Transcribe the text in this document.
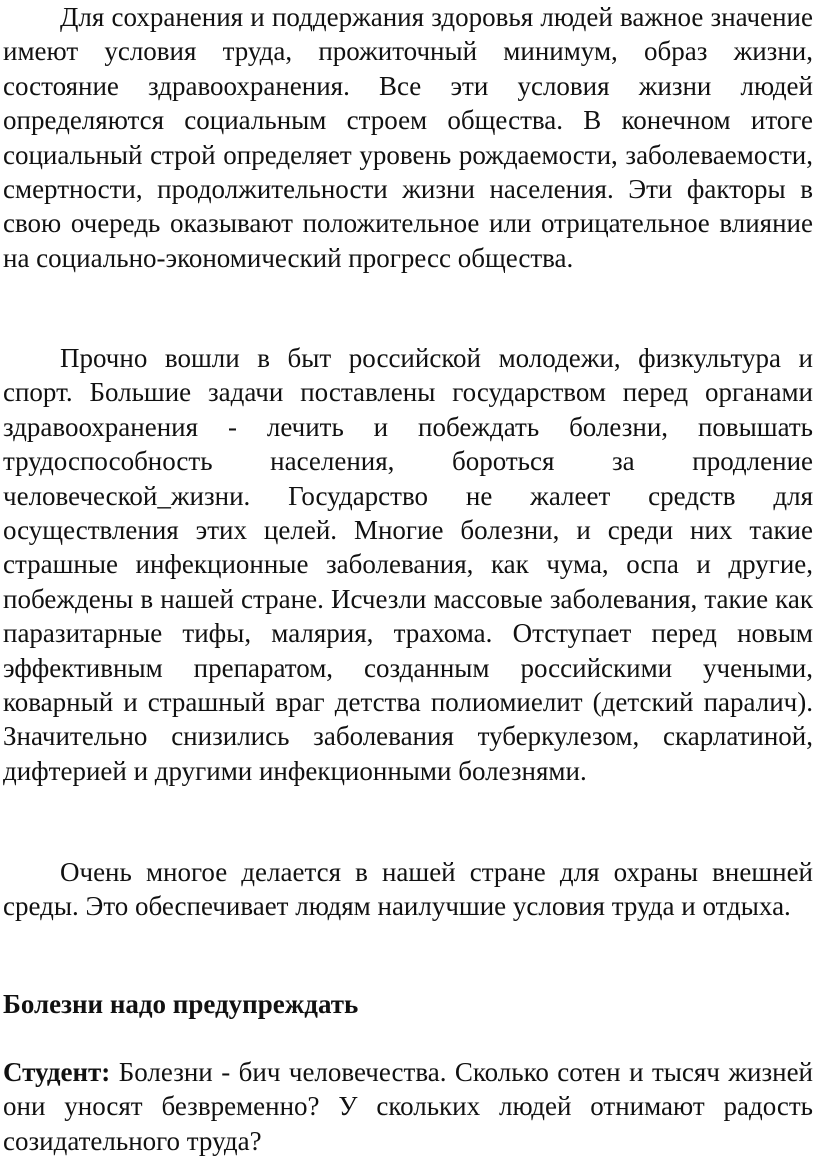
Для сохранения и поддержания здоровья людей важное значение имеют условия труда, прожиточный минимум, образ жизни, состояние здравоохранения. Все эти условия жизни людей определяются социальным строем общества. В конечном итоге социальный строй определяет уровень рождаемости, заболеваемости, смертности, продолжительности жизни населения. Эти факторы в свою очередь оказывают положительное или отрицательное влияние на социально-экономический прогресс общества.

Прочно вошли в быт российской молодежи, физкультура и спорт. Большие задачи поставлены государством перед органами здравоохранения - лечить и побеждать болезни, повышать трудоспособность населения, бороться за продление человеческой_жизни. Государство не жалеет средств для осуществления этих целей. Многие болезни, и среди них такие страшные инфекционные заболевания, как чума, оспа и другие, побеждены в нашей стране. Исчезли массовые заболевания, такие как паразитарные тифы, малярия, трахома. Отступает перед новым эффективным препаратом, созданным российскими учеными, коварный и страшный враг детства полиомиелит (детский паралич). Значительно снизились заболевания туберкулезом, скарлатиной, дифтерией и другими инфекционными болезнями.

Очень многое делается в нашей стране для охраны внешней среды. Это обеспечивает людям наилучшие условия труда и отдыха.

Болезни надо предупреждать

Студент: Болезни - бич человечества. Сколько сотен и тысяч жизней они уносят безвременно? У скольких людей отнимают радость созидательного труда?
